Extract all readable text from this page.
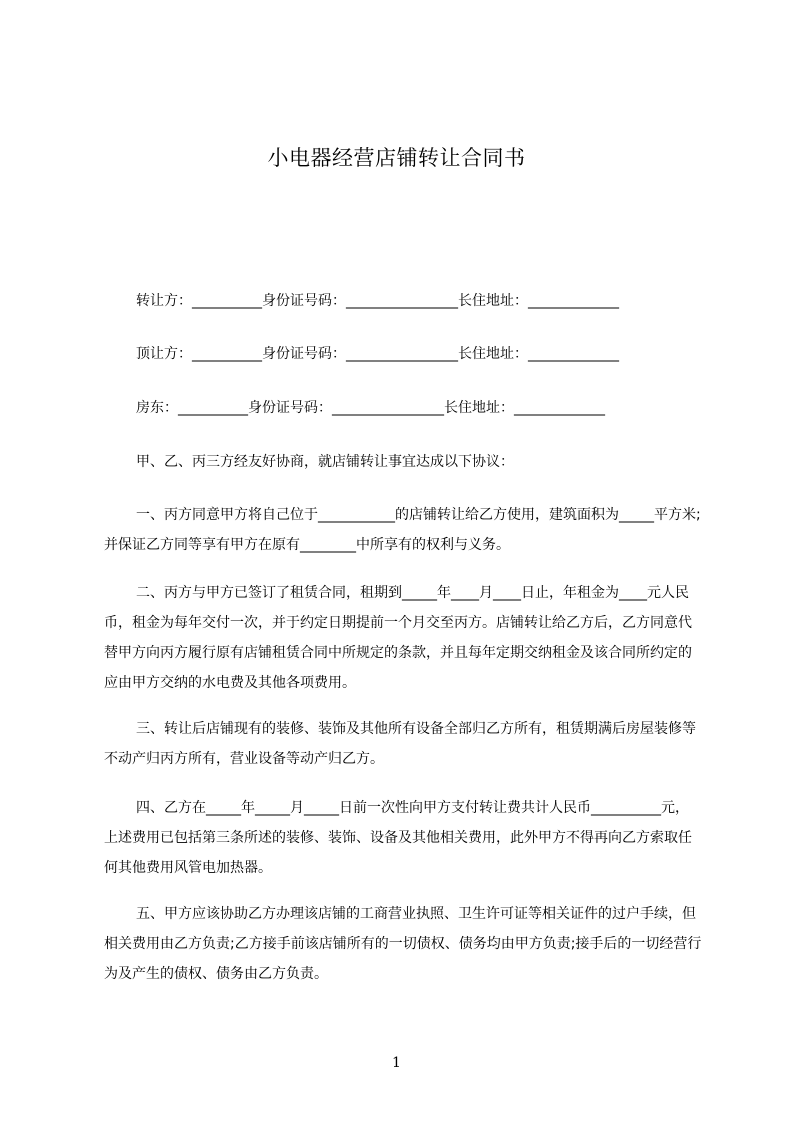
小电器经营店铺转让合同书

转让方：__________身份证号码：________________长住地址：_____________

顶让方：__________身份证号码：________________长住地址：_____________

房东：__________身份证号码：________________长住地址：_____________

甲、乙、丙三方经友好协商，就店铺转让事宜达成以下协议：

一、丙方同意甲方将自己位于___________的店铺转让给乙方使用，建筑面积为_____平方米;并保证乙方同等享有甲方在原有________中所享有的权利与义务。

二、丙方与甲方已签订了租赁合同，租期到_____年____月____日止，年租金为____元人民币，租金为每年交付一次，并于约定日期提前一个月交至丙方。店铺转让给乙方后，乙方同意代替甲方向丙方履行原有店铺租赁合同中所规定的条款，并且每年定期交纳租金及该合同所约定的应由甲方交纳的水电费及其他各项费用。

三、转让后店铺现有的装修、装饰及其他所有设备全部归乙方所有，租赁期满后房屋装修等不动产归丙方所有，营业设备等动产归乙方。

四、乙方在_____年_____月_____日前一次性向甲方支付转让费共计人民币__________元，上述费用已包括第三条所述的装修、装饰、设备及其他相关费用，此外甲方不得再向乙方索取任何其他费用风管电加热器。

五、甲方应该协助乙方办理该店铺的工商营业执照、卫生许可证等相关证件的过户手续，但相关费用由乙方负责;乙方接手前该店铺所有的一切债权、债务均由甲方负责;接手后的一切经营行为及产生的债权、债务由乙方负责。

1
